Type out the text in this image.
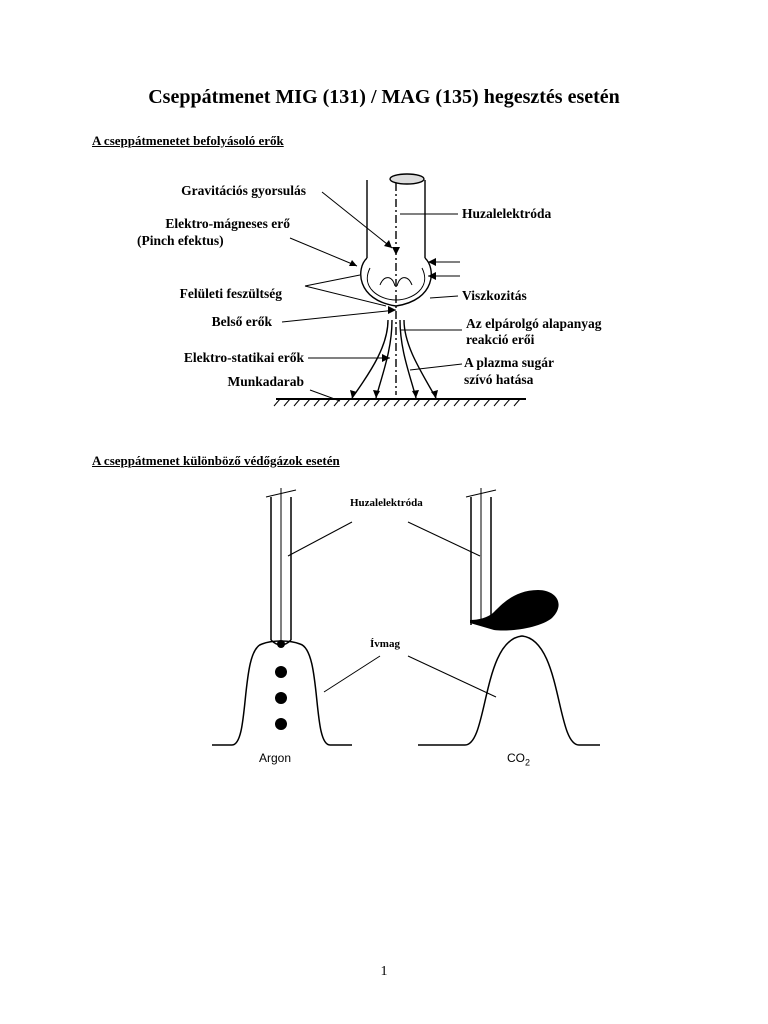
Cseppátmenet MIG (131) / MAG (135) hegesztés esetén
A cseppátmenetet befolyásoló erők
Gravitációs gyorsulás
Elektro-mágneses erő
(Pinch efektus)
Felületi feszültség
Belső erők
Elektro-statikai erők
Munkadarab
Huzalelektróda
Viszkozitás
Az elpárolgó alapanyag
reakció erői
A plazma sugár
szívó hatása
A cseppátmenet különböző védőgázok esetén
Huzalelektróda
Ívmag
Argon	$CO_2$
1
